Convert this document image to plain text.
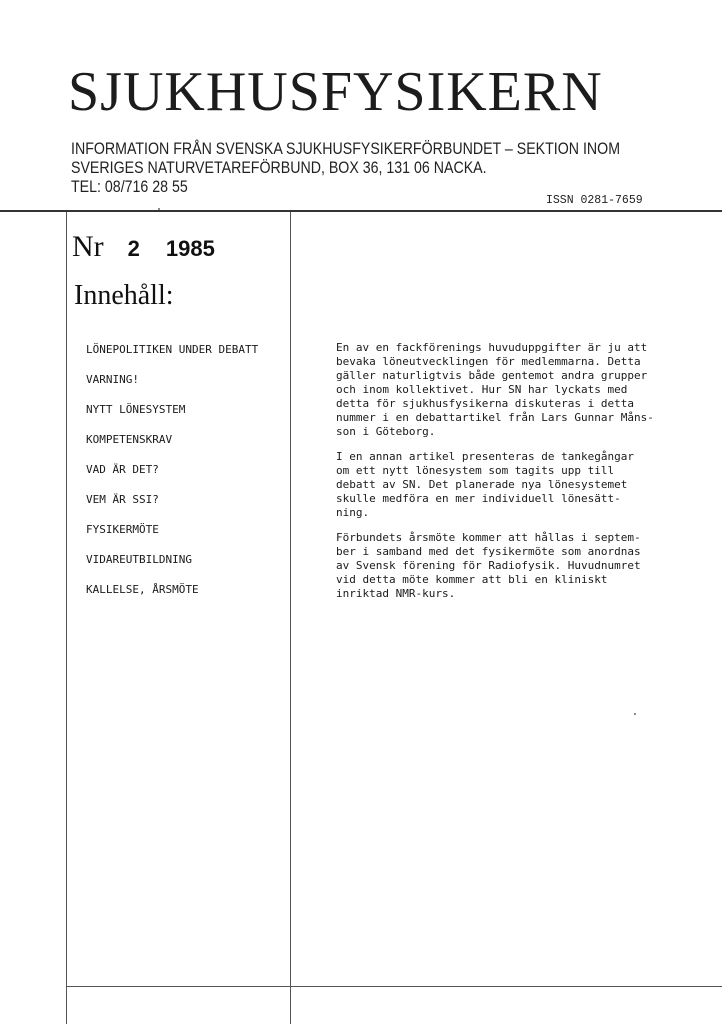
SJUKHUSFYSIKERN
INFORMATION FRÅN SVENSKA SJUKHUSFYSIKERFÖRBUNDET – SEKTION INOM
SVERIGES NATURVETAREFÖRBUND, BOX 36, 131 06 NACKA.
TEL: 08/716 28 55
ISSN 0281-7659
Nr 2 1985
Innehåll:
LÖNEPOLITIKEN UNDER DEBATT
VARNING!
NYTT LÖNESYSTEM
KOMPETENSKRAV
VAD ÄR DET?
VEM ÄR SSI?
FYSIKERMÖTE
VIDAREUTBILDNING
KALLELSE, ÅRSMÖTE

En av en fackförenings huvuduppgifter är ju att
bevaka löneutvecklingen för medlemmarna. Detta
gäller naturligtvis både gentemot andra grupper
och inom kollektivet. Hur SN har lyckats med
detta för sjukhusfysikerna diskuteras i detta
nummer i en debattartikel från Lars Gunnar Måns-
son i Göteborg.

I en annan artikel presenteras de tankegångar
om ett nytt lönesystem som tagits upp till
debatt av SN. Det planerade nya lönesystemet
skulle medföra en mer individuell lönesätt-
ning.

Förbundets årsmöte kommer att hållas i septem-
ber i samband med det fysikermöte som anordnas
av Svensk förening för Radiofysik. Huvudnumret
vid detta möte kommer att bli en kliniskt
inriktad NMR-kurs.
